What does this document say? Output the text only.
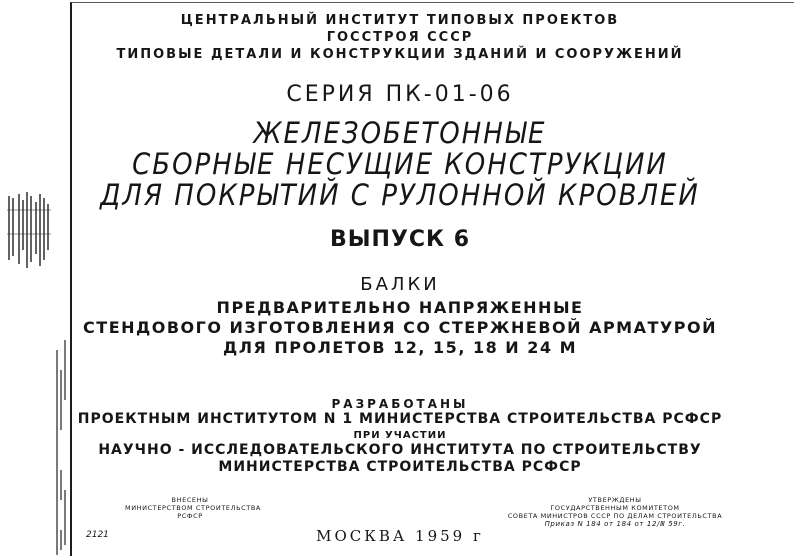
ЦЕНТРАЛЬНЫЙ ИНСТИТУТ ТИПОВЫХ ПРОЕКТОВ

ГОССТРОЯ СССР

ТИПОВЫЕ ДЕТАЛИ И КОНСТРУКЦИИ ЗДАНИЙ И СООРУЖЕНИЙ

СЕРИЯ ПК-01-06

ЖЕЛЕЗОБЕТОННЫЕ

СБОРНЫЕ НЕСУЩИЕ КОНСТРУКЦИИ

ДЛЯ ПОКРЫТИЙ С РУЛОННОЙ КРОВЛЕЙ

ВЫПУСК 6

БАЛКИ

ПРЕДВАРИТЕЛЬНО НАПРЯЖЕННЫЕ

СТЕНДОВОГО ИЗГОТОВЛЕНИЯ СО СТЕРЖНЕВОЙ АРМАТУРОЙ

ДЛЯ ПРОЛЕТОВ 12, 15, 18 И 24 М

РАЗРАБОТАНЫ

ПРОЕКТНЫМ ИНСТИТУТОМ N 1 МИНИСТЕРСТВА СТРОИТЕЛЬСТВА РСФСР

ПРИ УЧАСТИИ

НАУЧНО - ИССЛЕДОВАТЕЛЬСКОГО ИНСТИТУТА ПО СТРОИТЕЛЬСТВУ

МИНИСТЕРСТВА СТРОИТЕЛЬСТВА РСФСР

ВНЕСЕНЫ
МИНИСТЕРСТВОМ СТРОИТЕЛЬСТВА
РСФСР
УТВЕРЖДЕНЫ
ГОСУДАРСТВЕННЫМ КОМИТЕТОМ
СОВЕТА МИНИСТРОВ СССР ПО ДЕЛАМ СТРОИТЕЛЬСТВА
Приказ N 184 от 184 от 12/Ⅲ 59г.
МОСКВА 1959 г
2121
